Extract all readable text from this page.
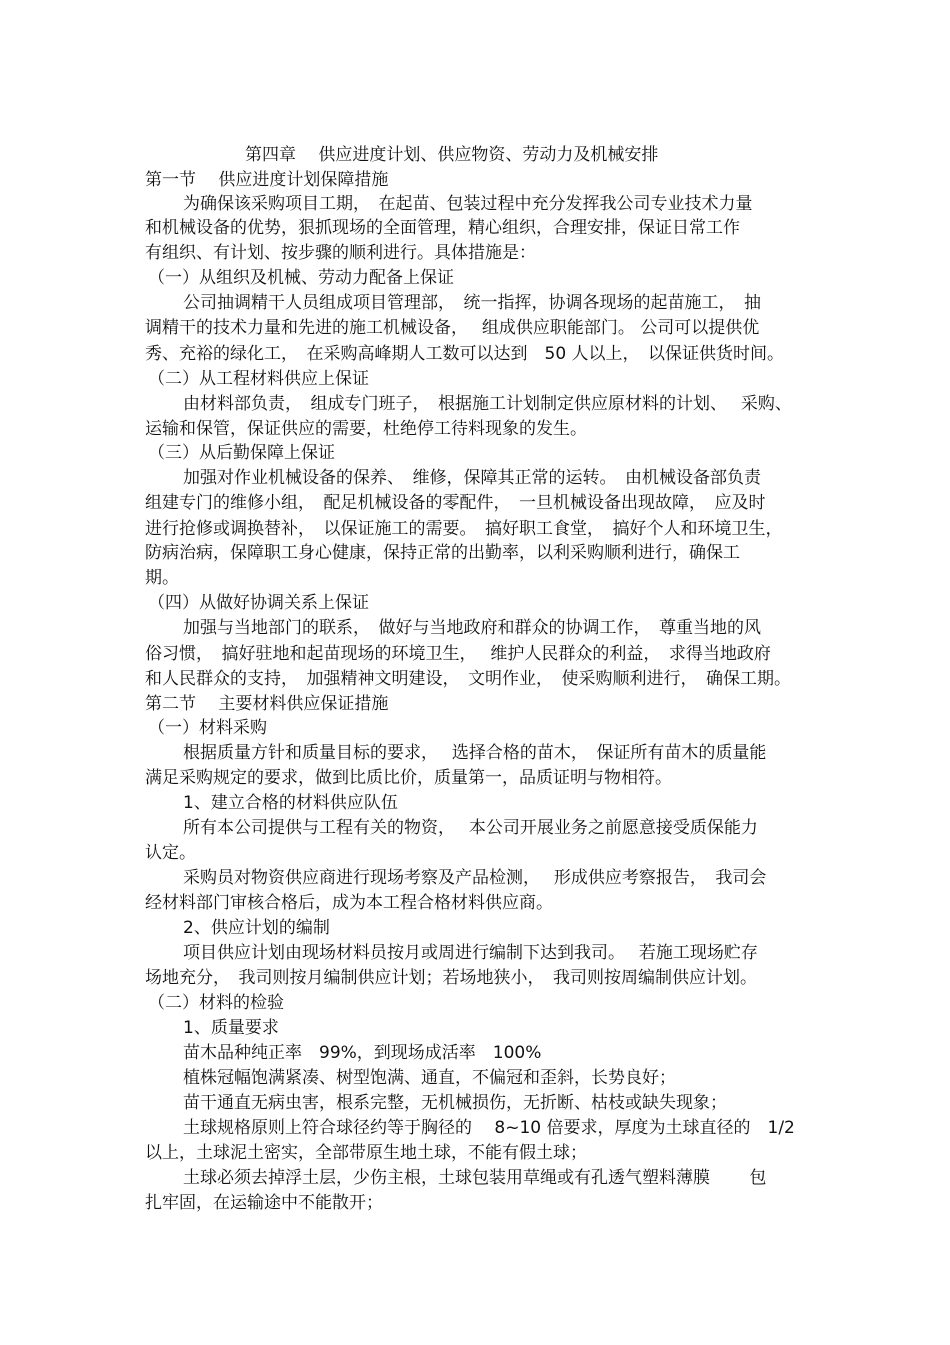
第四章　 供应进度计划、供应物资、劳动力及机械安排
第一节　 供应进度计划保障措施
为确保该采购项目工期，　在起苗、包装过程中充分发挥我公司专业技术力量
和机械设备的优势，狠抓现场的全面管理，精心组织，合理安排，保证日常工作
有组织、有计划、按步骤的顺利进行。具体措施是：
（一）从组织及机械、劳动力配备上保证
公司抽调精干人员组成项目管理部，　统一指挥，协调各现场的起苗施工，　抽
调精干的技术力量和先进的施工机械设备，　 组成供应职能部门。 公司可以提供优
秀、充裕的绿化工，　在采购高峰期人工数可以达到　50 人以上，　以保证供货时间。
（二）从工程材料供应上保证
由材料部负责，　组成专门班子，　根据施工计划制定供应原材料的计划、　 采购、
运输和保管，保证供应的需要，杜绝停工待料现象的发生。
（三）从后勤保障上保证
加强对作业机械设备的保养、　维修，保障其正常的运转。　由机械设备部负责
组建专门的维修小组，　配足机械设备的零配件，　一旦机械设备出现故障，　应及时
进行抢修或调换替补，　以保证施工的需要。　搞好职工食堂，　搞好个人和环境卫生，
防病治病，保障职工身心健康，保持正常的出勤率，以利采购顺利进行，确保工
期。
（四）从做好协调关系上保证
加强与当地部门的联系，　做好与当地政府和群众的协调工作，　尊重当地的风
俗习惯，　搞好驻地和起苗现场的环境卫生，　 维护人民群众的利益，　求得当地政府
和人民群众的支持，　加强精神文明建设，　文明作业，　使采购顺利进行，　确保工期。
第二节　 主要材料供应保证措施
（一）材料采购
根据质量方针和质量目标的要求，　 选择合格的苗木，　保证所有苗木的质量能
满足采购规定的要求，做到比质比价，质量第一，品质证明与物相符。
1、建立合格的材料供应队伍
所有本公司提供与工程有关的物资，　 本公司开展业务之前愿意接受质保能力
认定。
采购员对物资供应商进行现场考察及产品检测，　 形成供应考察报告，　我司会
经材料部门审核合格后，成为本工程合格材料供应商。
2、供应计划的编制
项目供应计划由现场材料员按月或周进行编制下达到我司。　 若施工现场贮存
场地充分，　我司则按月编制供应计划；若场地狭小，　我司则按周编制供应计划。
（二）材料的检验
1、质量要求
苗木品种纯正率　99%，到现场成活率　100%
植株冠幅饱满紧凑、树型饱满、通直，不偏冠和歪斜，长势良好；
苗干通直无病虫害，根系完整，无机械损伤，无折断、枯枝或缺失现象；
土球规格原则上符合球径约等于胸径的　 8~10 倍要求，厚度为土球直径的　1/2
以上，土球泥土密实，全部带原生地土球，不能有假土球；
土球必须去掉浮土层，少伤主根，土球包装用草绳或有孔透气塑料薄膜　　 包
扎牢固，在运输途中不能散开；
